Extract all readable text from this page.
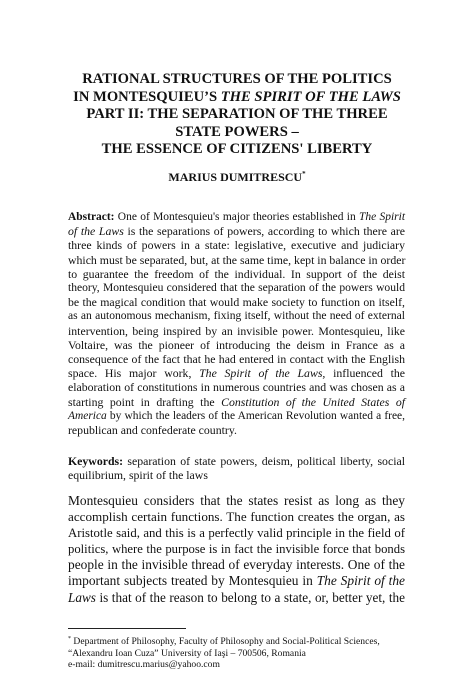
RATIONAL STRUCTURES OF THE POLITICS
IN MONTESQUIEU’S THE SPIRIT OF THE LAWS
PART II: THE SEPARATION OF THE THREE
STATE POWERS –
THE ESSENCE OF CITIZENS' LIBERTY
MARIUS DUMITRESCU*
Abstract: One of Montesquieu's major theories established in The Spirit
of the Laws is the separations of powers, according to which there are
three kinds of powers in a state: legislative, executive and judiciary
which must be separated, but, at the same time, kept in balance in order
to guarantee the freedom of the individual. In support of the deist
theory, Montesquieu considered that the separation of the powers would
be the magical condition that would make society to function on itself,
as an autonomous mechanism, fixing itself, without the need of external
intervention, being inspired by an invisible power. Montesquieu, like
Voltaire, was the pioneer of introducing the deism in France as a
consequence of the fact that he had entered in contact with the English
space. His major work, The Spirit of the Laws, influenced the
elaboration of constitutions in numerous countries and was chosen as a
starting point in drafting the Constitution of the United States of
America by which the leaders of the American Revolution wanted a free,
republican and confederate country.
Keywords: separation of state powers, deism, political liberty, social
equilibrium, spirit of the laws
Montesquieu considers that the states resist as long as they
accomplish certain functions. The function creates the organ, as
Aristotle said, and this is a perfectly valid principle in the field of
politics, where the purpose is in fact the invisible force that bonds
people in the invisible thread of everyday interests. One of the
important subjects treated by Montesquieu in The Spirit of the
Laws is that of the reason to belong to a state, or, better yet, the
* Department of Philosophy, Faculty of Philosophy and Social-Political Sciences,
“Alexandru Ioan Cuza” University of Iaşi – 700506, Romania
e-mail: dumitrescu.marius@yahoo.com
